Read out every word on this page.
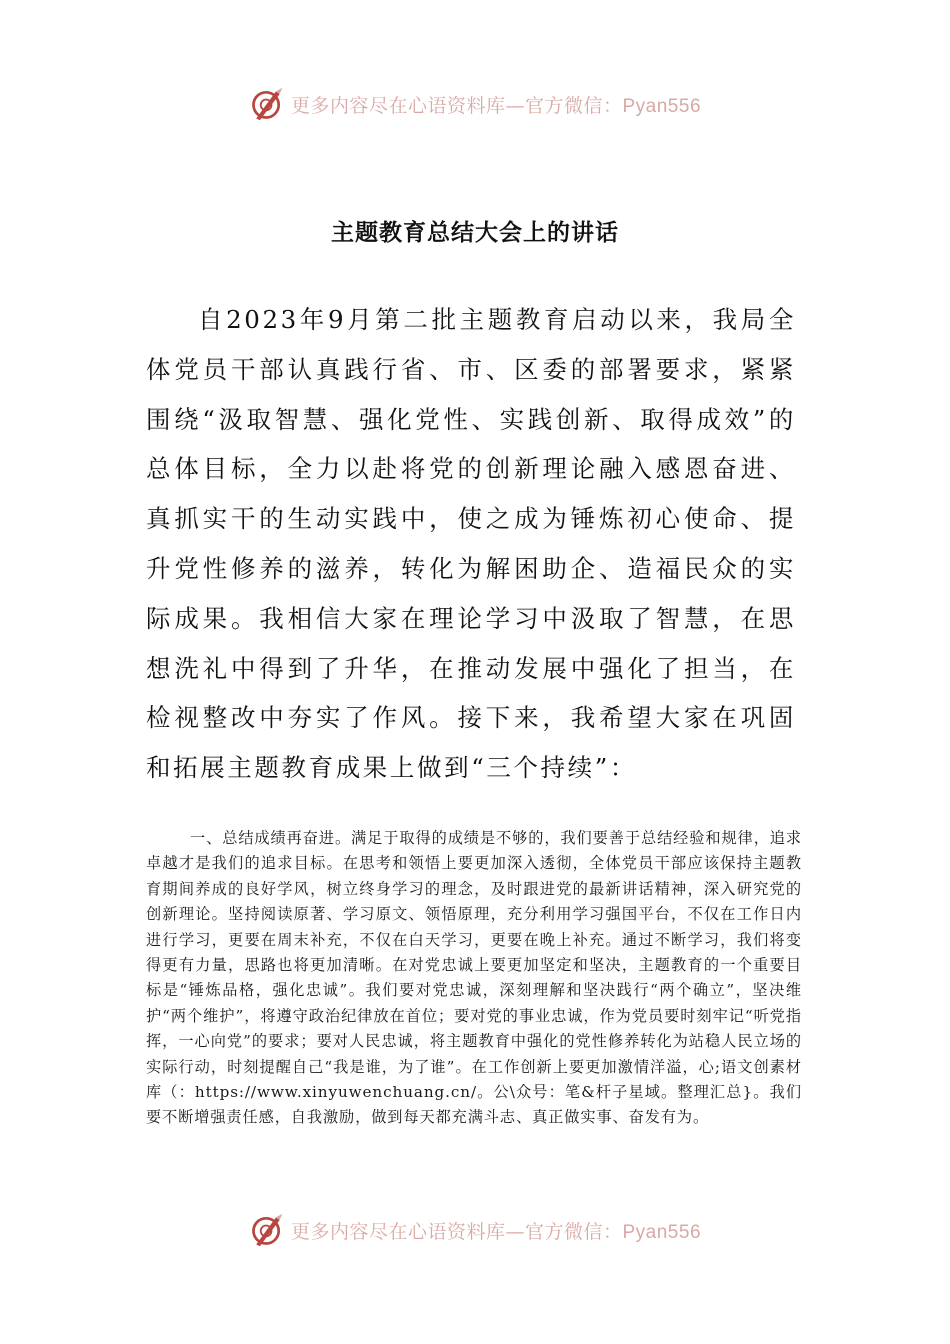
更多内容尽在心语资料库—官方微信：Pyan556
主题教育总结大会上的讲话

自2023年9月第二批主题教育启动以来，我局全体党员干部认真践行省、市、区委的部署要求，紧紧围绕“汲取智慧、强化党性、实践创新、取得成效”的总体目标，全力以赴将党的创新理论融入感恩奋进、真抓实干的生动实践中，使之成为锤炼初心使命、提升党性修养的滋养，转化为解困助企、造福民众的实际成果。我相信大家在理论学习中汲取了智慧，在思想洗礼中得到了升华，在推动发展中强化了担当，在检视整改中夯实了作风。接下来，我希望大家在巩固和拓展主题教育成果上做到“三个持续”：

一、总结成绩再奋进。满足于取得的成绩是不够的，我们要善于总结经验和规律，追求卓越才是我们的追求目标。在思考和领悟上要更加深入透彻，全体党员干部应该保持主题教育期间养成的良好学风，树立终身学习的理念，及时跟进党的最新讲话精神，深入研究党的创新理论。坚持阅读原著、学习原文、领悟原理，充分利用学习强国平台，不仅在工作日内进行学习，更要在周末补充，不仅在白天学习，更要在晚上补充。通过不断学习，我们将变得更有力量，思路也将更加清晰。在对党忠诚上要更加坚定和坚决，主题教育的一个重要目标是“锤炼品格，强化忠诚”。我们要对党忠诚，深刻理解和坚决践行“两个确立”，坚决维护“两个维护”，将遵守政治纪律放在首位；要对党的事业忠诚，作为党员要时刻牢记“听党指挥，一心向党”的要求；要对人民忠诚，将主题教育中强化的党性修养转化为站稳人民立场的实际行动，时刻提醒自己“我是谁，为了谁”。在工作创新上要更加激情洋溢，心;语文创素材库（：https://www.xinyuwenchuang.cn/。公\众号：笔&杆子星域。整理汇总}。我们要不断增强责任感，自我激励，做到每天都充满斗志、真正做实事、奋发有为。

更多内容尽在心语资料库—官方微信：Pyan556
